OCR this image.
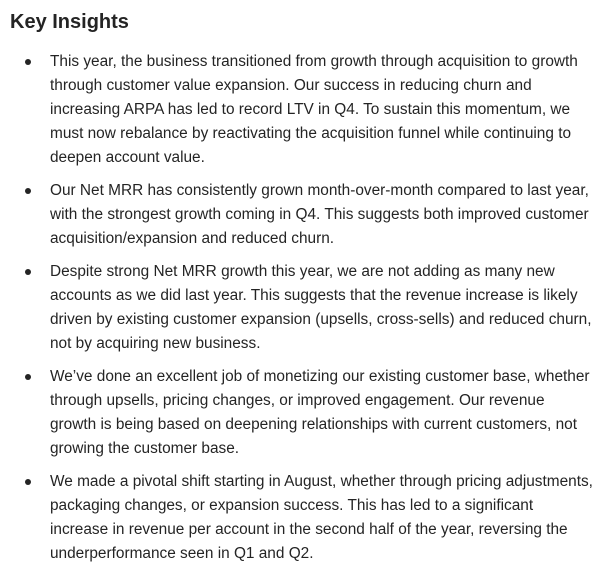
Key Insights
This year, the business transitioned from growth through acquisition to growth through customer value expansion. Our success in reducing churn and increasing ARPA has led to record LTV in Q4. To sustain this momentum, we must now rebalance by reactivating the acquisition funnel while continuing to deepen account value.
Our Net MRR has consistently grown month-over-month compared to last year, with the strongest growth coming in Q4. This suggests both improved customer acquisition/expansion and reduced churn.
Despite strong Net MRR growth this year, we are not adding as many new accounts as we did last year. This suggests that the revenue increase is likely driven by existing customer expansion (upsells, cross-sells) and reduced churn, not by acquiring new business.
We’ve done an excellent job of monetizing our existing customer base, whether through upsells, pricing changes, or improved engagement. Our revenue growth is being based on deepening relationships with current customers, not growing the customer base.
We made a pivotal shift starting in August, whether through pricing adjustments, packaging changes, or expansion success. This has led to a significant increase in revenue per account in the second half of the year, reversing the underperformance seen in Q1 and Q2.
